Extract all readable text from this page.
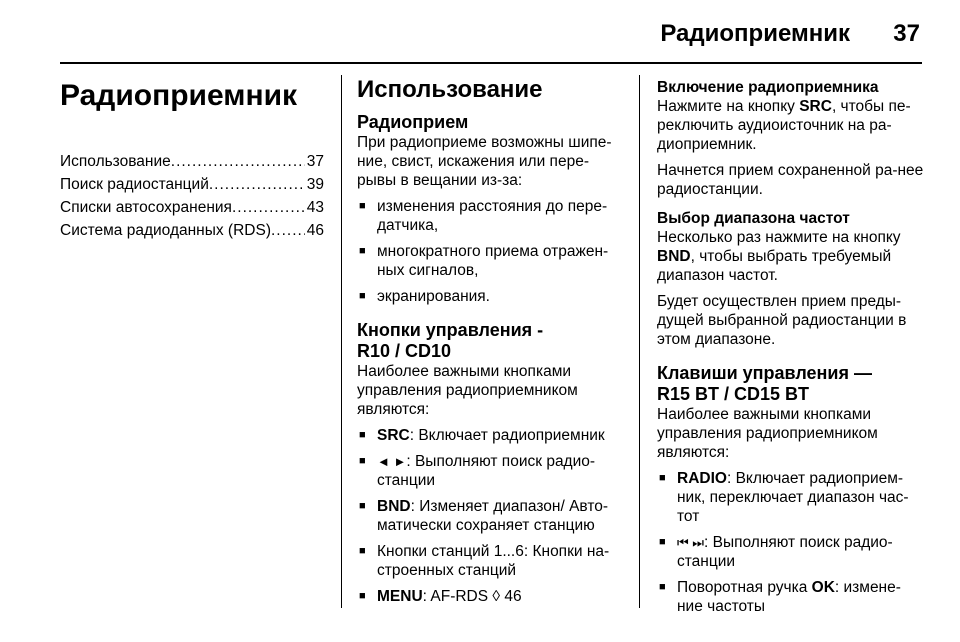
Радиоприемник 37
Радиоприемник
Использование .....	37
Поиск радиостанций .....	39
Списки автосохранения .....	43
Система радиоданных (RDS) ..... 46
Использование
Радиоприем

При радиоприеме возможны шипе-ние, свист, искажения или пере-рывы в вещании из-за:

■ изменения расстояния до пере-датчика,
■ многократного приема отражен-ных сигналов,
■ экранирования.
Кнопки управления -
R10 / CD10

Наиболее важными кнопками управления радиоприемником являются:

■ SRC: Включает радиоприемник
■ ◄ ►: Выполняют поиск радио-станции
■ BND: Изменяет диапазон/ Авто-матически сохраняет станцию
■ Кнопки станций 1...6: Кнопки на-строенных станций
■ MENU: AF-RDS ◊ 46
Включение радиоприемника

Нажмите на кнопку SRC, чтобы пе-реключить аудиоисточник на ра-диоприемник.

Начнется прием сохраненной ра-нее радиостанции.

Выбор диапазона частот

Несколько раз нажмите на кнопку BND, чтобы выбрать требуемый диапазон частот.

Будет осуществлен прием преды-дущей выбранной радиостанции в этом диапазоне.

Клавиши управления —
R15 BT / CD15 BT

Наиболее важными кнопками управления радиоприемником являются:

■ RADIO: Включает радиоприем-ник, переключает диапазон час-тот
■ ⏮ ⏭: Выполняют поиск радио-станции
■ Поворотная ручка OK: измене-ние частоты
